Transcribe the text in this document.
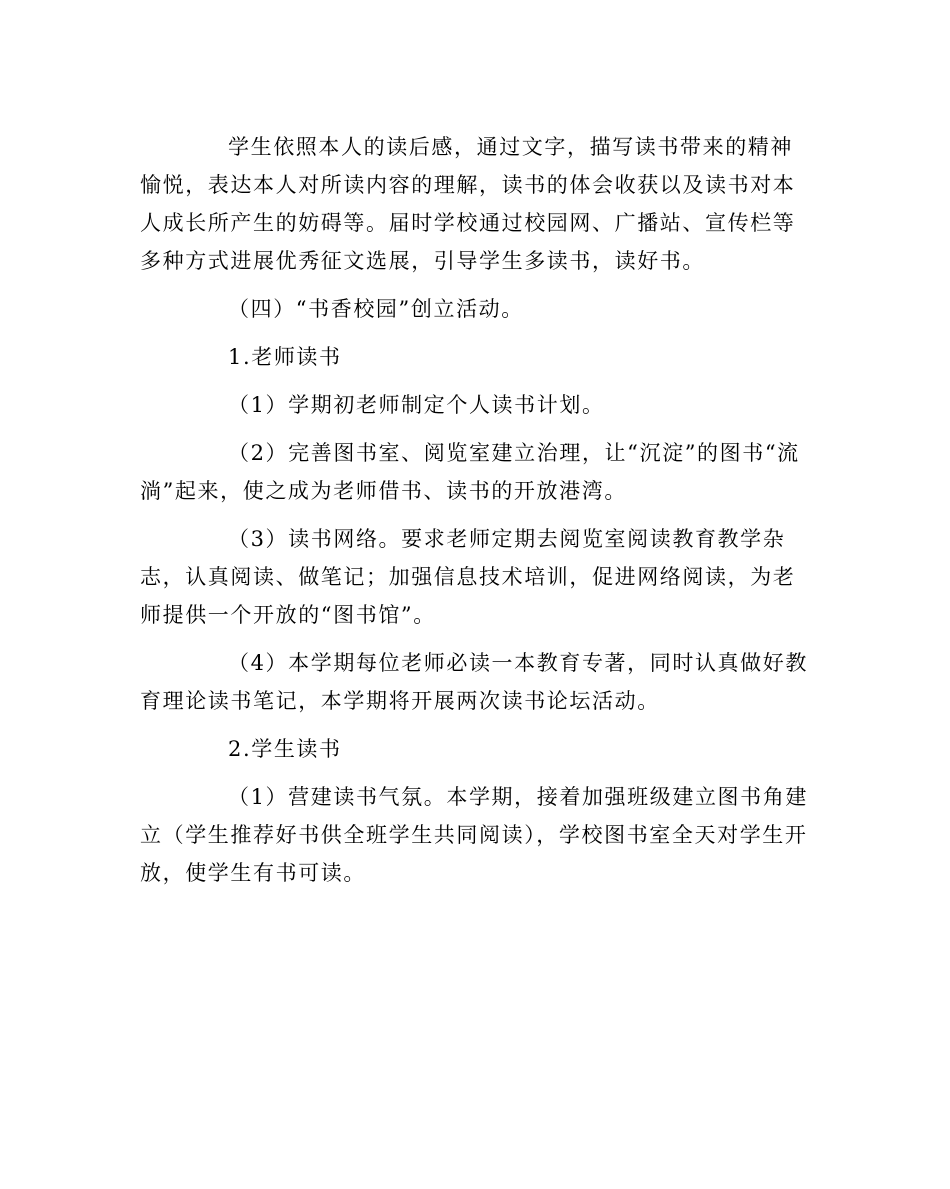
学生依照本人的读后感，通过文字，描写读书带来的精神愉悦，表达本人对所读内容的理解，读书的体会收获以及读书对本人成长所产生的妨碍等。届时学校通过校园网、广播站、宣传栏等多种方式进展优秀征文选展，引导学生多读书，读好书。

（四）“书香校园”创立活动。

1.老师读书

（1）学期初老师制定个人读书计划。

（2）完善图书室、阅览室建立治理，让“沉淀”的图书“流淌”起来，使之成为老师借书、读书的开放港湾。

（3）读书网络。要求老师定期去阅览室阅读教育教学杂志，认真阅读、做笔记；加强信息技术培训，促进网络阅读，为老师提供一个开放的“图书馆”。

（4）本学期每位老师必读一本教育专著，同时认真做好教育理论读书笔记，本学期将开展两次读书论坛活动。

2.学生读书

（1）营建读书气氛。本学期，接着加强班级建立图书角建立（学生推荐好书供全班学生共同阅读），学校图书室全天对学生开放，使学生有书可读。
